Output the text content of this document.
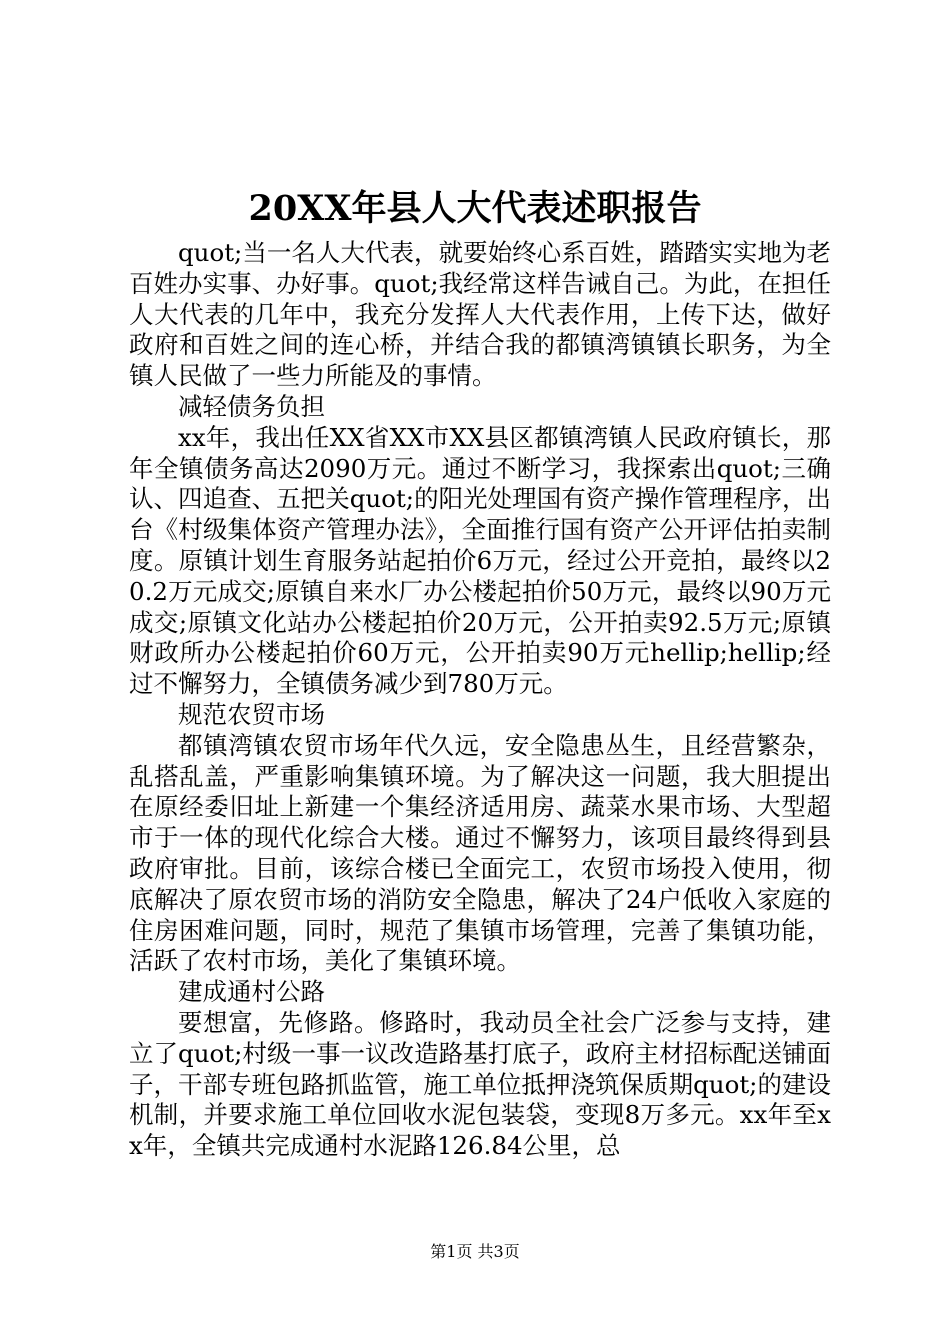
20XX年县人大代表述职报告

quot;当一名人大代表，就要始终心系百姓，踏踏实实地为老百姓办实事、办好事。quot;我经常这样告诫自己。为此，在担任人大代表的几年中，我充分发挥人大代表作用，上传下达，做好政府和百姓之间的连心桥，并结合我的都镇湾镇镇长职务，为全镇人民做了一些力所能及的事情。

减轻债务负担

xx年，我出任XX省XX市XX县区都镇湾镇人民政府镇长，那年全镇债务高达2090万元。通过不断学习，我探索出quot;三确认、四追查、五把关quot;的阳光处理国有资产操作管理程序，出台《村级集体资产管理办法》，全面推行国有资产公开评估拍卖制度。原镇计划生育服务站起拍价6万元，经过公开竞拍，最终以20.2万元成交;原镇自来水厂办公楼起拍价50万元，最终以90万元成交;原镇文化站办公楼起拍价20万元，公开拍卖92.5万元;原镇财政所办公楼起拍价60万元，公开拍卖90万元hellip;hellip;经过不懈努力，全镇债务减少到780万元。

规范农贸市场

都镇湾镇农贸市场年代久远，安全隐患丛生，且经营繁杂，乱搭乱盖，严重影响集镇环境。为了解决这一问题，我大胆提出在原经委旧址上新建一个集经济适用房、蔬菜水果市场、大型超市于一体的现代化综合大楼。通过不懈努力，该项目最终得到县政府审批。目前，该综合楼已全面完工，农贸市场投入使用，彻底解决了原农贸市场的消防安全隐患，解决了24户低收入家庭的住房困难问题，同时，规范了集镇市场管理，完善了集镇功能，活跃了农村市场，美化了集镇环境。

建成通村公路

要想富，先修路。修路时，我动员全社会广泛参与支持，建立了quot;村级一事一议改造路基打底子，政府主材招标配送铺面子，干部专班包路抓监管，施工单位抵押浇筑保质期quot;的建设机制，并要求施工单位回收水泥包装袋，变现8万多元。xx年至xx年，全镇共完成通村水泥路126.84公里，总

第1页 共3页
